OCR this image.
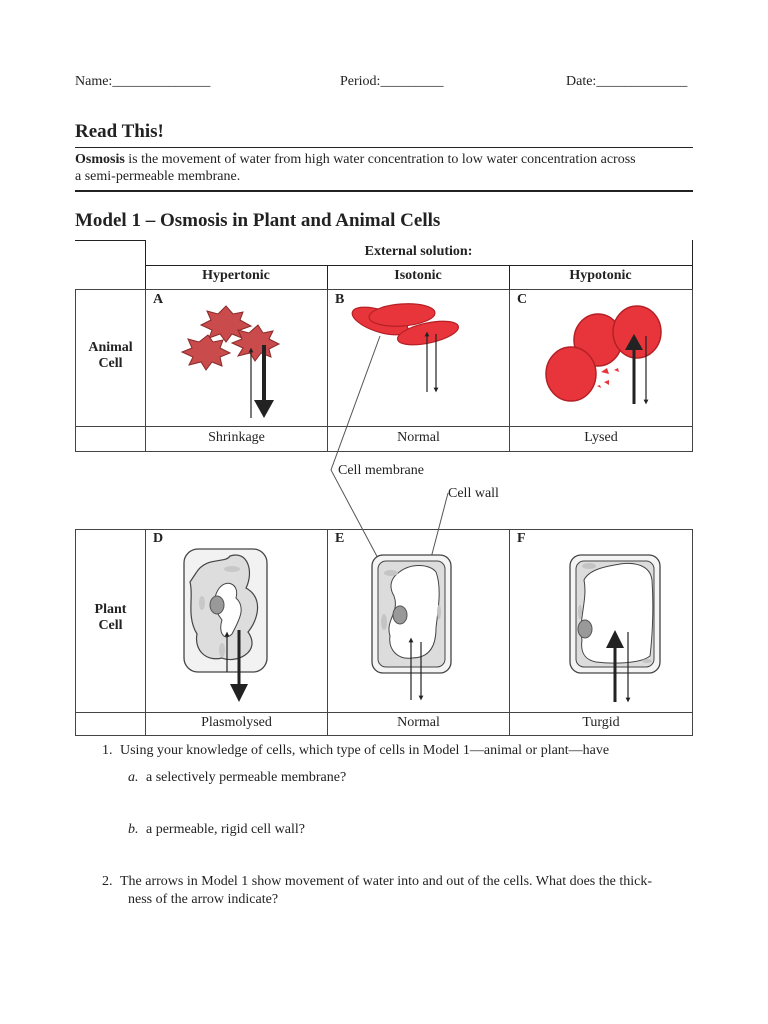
Name:______________	Period:_________	Date:_____________
Read This!
Osmosis is the movement of water from high water concentration to low water concentration across
a semi-permeable membrane.
Model 1 – Osmosis in Plant and Animal Cells
External solution:
Hypertonic	Isotonic	Hypotonic
Animal
Cell
A	B	C
Shrinkage	Normal	Lysed
Plant
Cell
D	E	F
Plasmolysed	Normal	Turgid
Cell membrane
Cell wall
1. Using your knowledge of cells, which type of cells in Model 1—animal or plant—have
a. a selectively permeable membrane?
b. a permeable, rigid cell wall?
2. The arrows in Model 1 show movement of water into and out of the cells. What does the thick-
ness of the arrow indicate?
